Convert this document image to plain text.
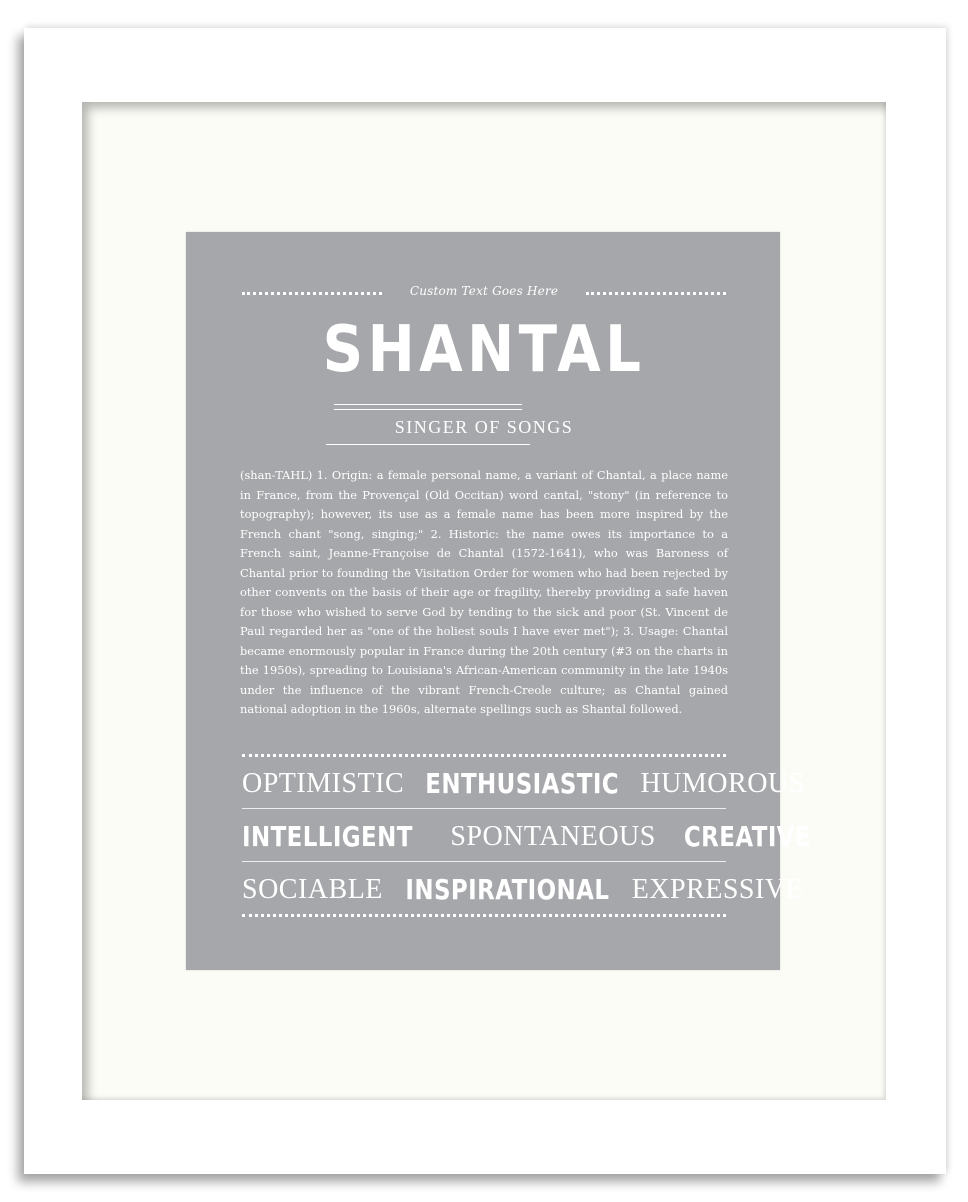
Custom Text Goes Here
SHANTAL
SINGER OF SONGS
(shan-TAHL) 1. Origin: a female personal name, a variant of Chantal, a place name in France, from the Provençal (Old Occitan) word cantal, "stony" (in reference to topography); however, its use as a female name has been more inspired by the French chant "song, singing;" 2. Historic: the name owes its importance to a French saint, Jeanne-Françoise de Chantal (1572-1641), who was Baroness of Chantal prior to founding the Visitation Order for women who had been rejected by other convents on the basis of their age or fragility, thereby providing a safe haven for those who wished to serve God by tending to the sick and poor (St. Vincent de Paul regarded her as "one of the holiest souls I have ever met"); 3. Usage: Chantal became enormously popular in France during the 20th century (#3 on the charts in the 1950s), spreading to Louisiana's African-American community in the late 1940s under the influence of the vibrant French-Creole culture; as Chantal gained national adoption in the 1960s, alternate spellings such as Shantal followed.
OPTIMISTIC ENTHUSIASTIC HUMOROUS
INTELLIGENT SPONTANEOUS CREATIVE
SOCIABLE INSPIRATIONAL EXPRESSIVE
